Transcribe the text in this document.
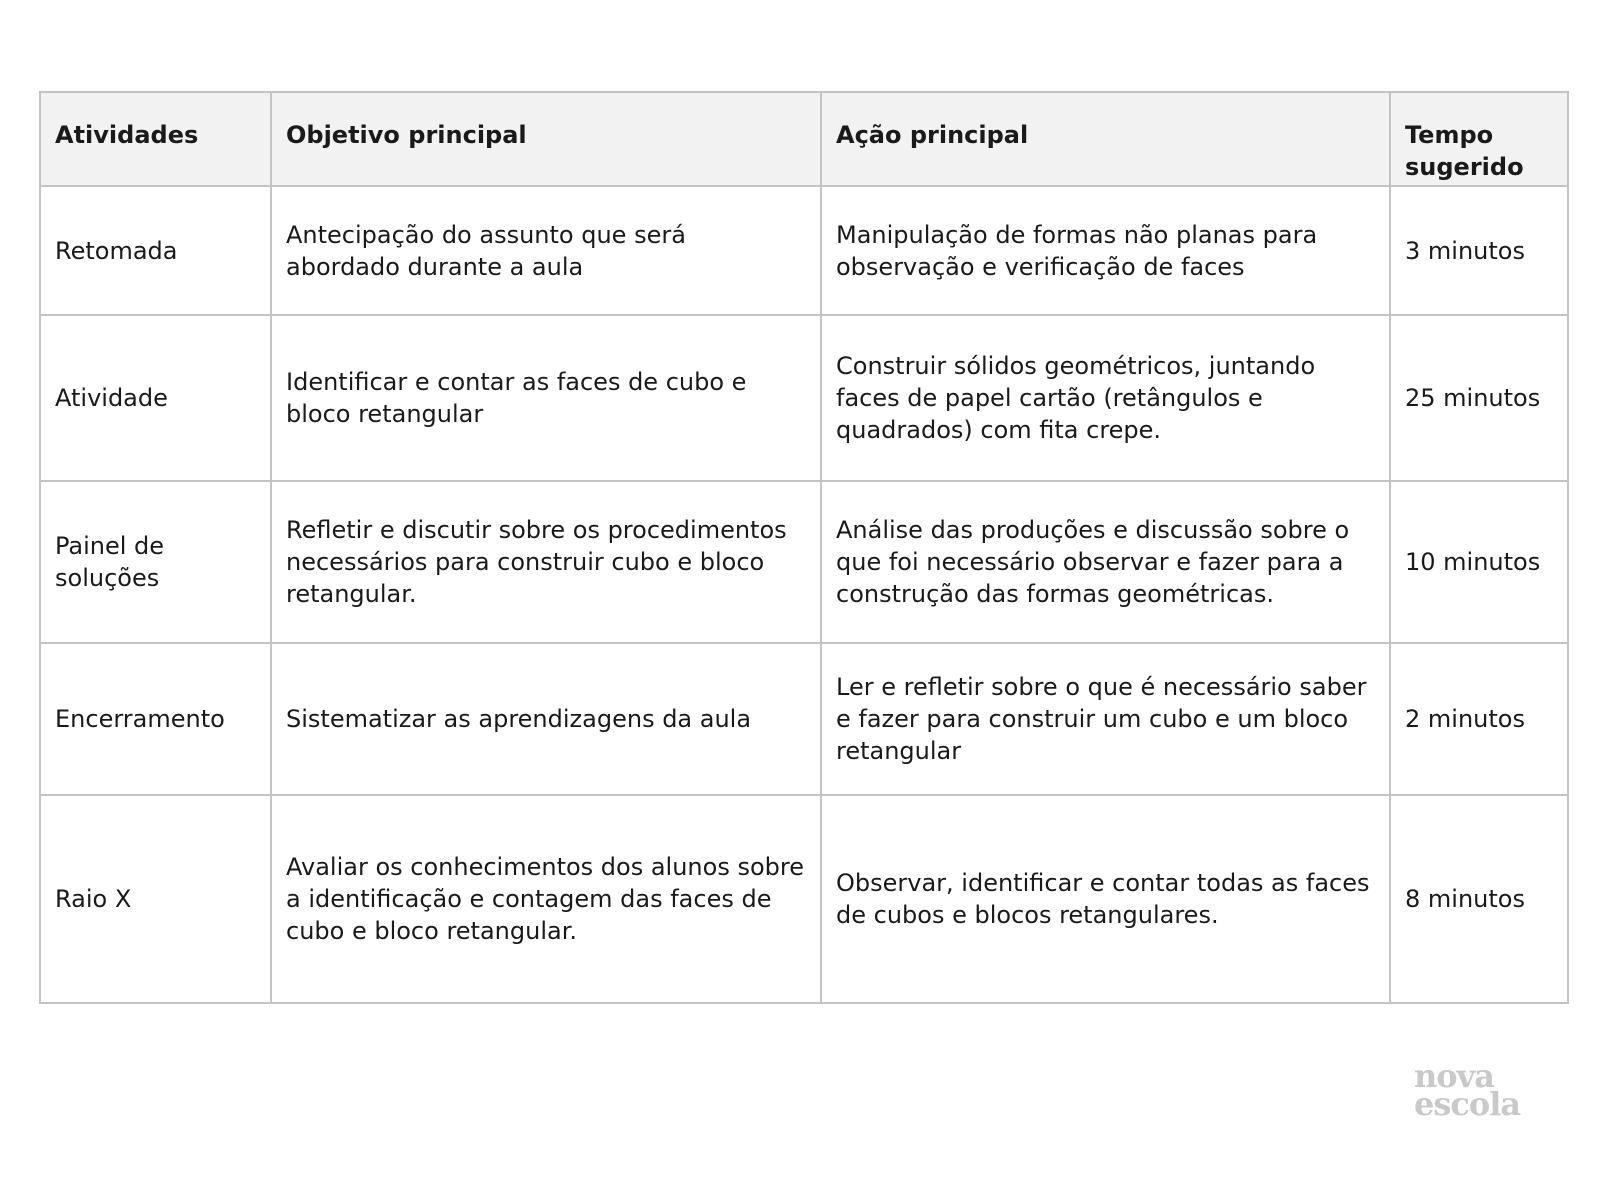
Atividades	Objetivo principal	Ação principal	Tempo sugerido
Retomada	Antecipação do assunto que será abordado durante a aula	Manipulação de formas não planas para observação e verificação de faces	3 minutos
Atividade	Identificar e contar as faces de cubo e bloco retangular	Construir sólidos geométricos, juntando faces de papel cartão (retângulos e quadrados) com fita crepe.	25 minutos
Painel de soluções	Refletir e discutir sobre os procedimentos necessários para construir cubo e bloco retangular.	Análise das produções e discussão sobre o que foi necessário observar e fazer para a construção das formas geométricas.	10 minutos
Encerramento	Sistematizar as aprendizagens da aula	Ler e refletir sobre o que é necessário saber e fazer para construir um cubo e um bloco retangular	2 minutos
Raio X	Avaliar os conhecimentos dos alunos sobre a identificação e contagem das faces de cubo e bloco retangular.	Observar, identificar e contar todas as faces de cubos e blocos retangulares.	8 minutos
nova
escola
